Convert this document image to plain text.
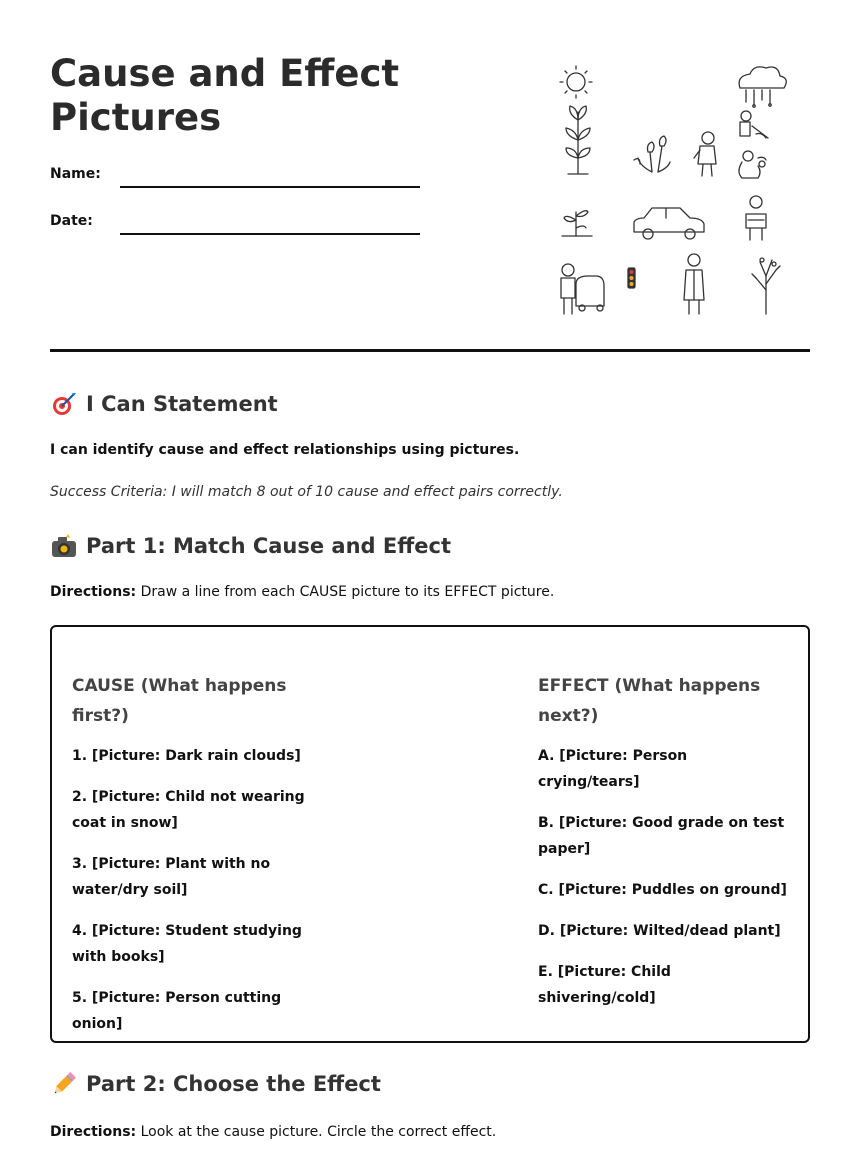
Cause and Effect Pictures
Name:
Date:
I Can Statement
I can identify cause and effect relationships using pictures.
Success Criteria: I will match 8 out of 10 cause and effect pairs correctly.
Part 1: Match Cause and Effect
Directions: Draw a line from each CAUSE picture to its EFFECT picture.
CAUSE (What happens first?)
1. [Picture: Dark rain clouds]
2. [Picture: Child not wearing coat in snow]
3. [Picture: Plant with no water/dry soil]
4. [Picture: Student studying with books]
5. [Picture: Person cutting onion]
EFFECT (What happens next?)
A. [Picture: Person crying/tears]
B. [Picture: Good grade on test paper]
C. [Picture: Puddles on ground]
D. [Picture: Wilted/dead plant]
E. [Picture: Child shivering/cold]
Part 2: Choose the Effect
Directions: Look at the cause picture. Circle the correct effect.
